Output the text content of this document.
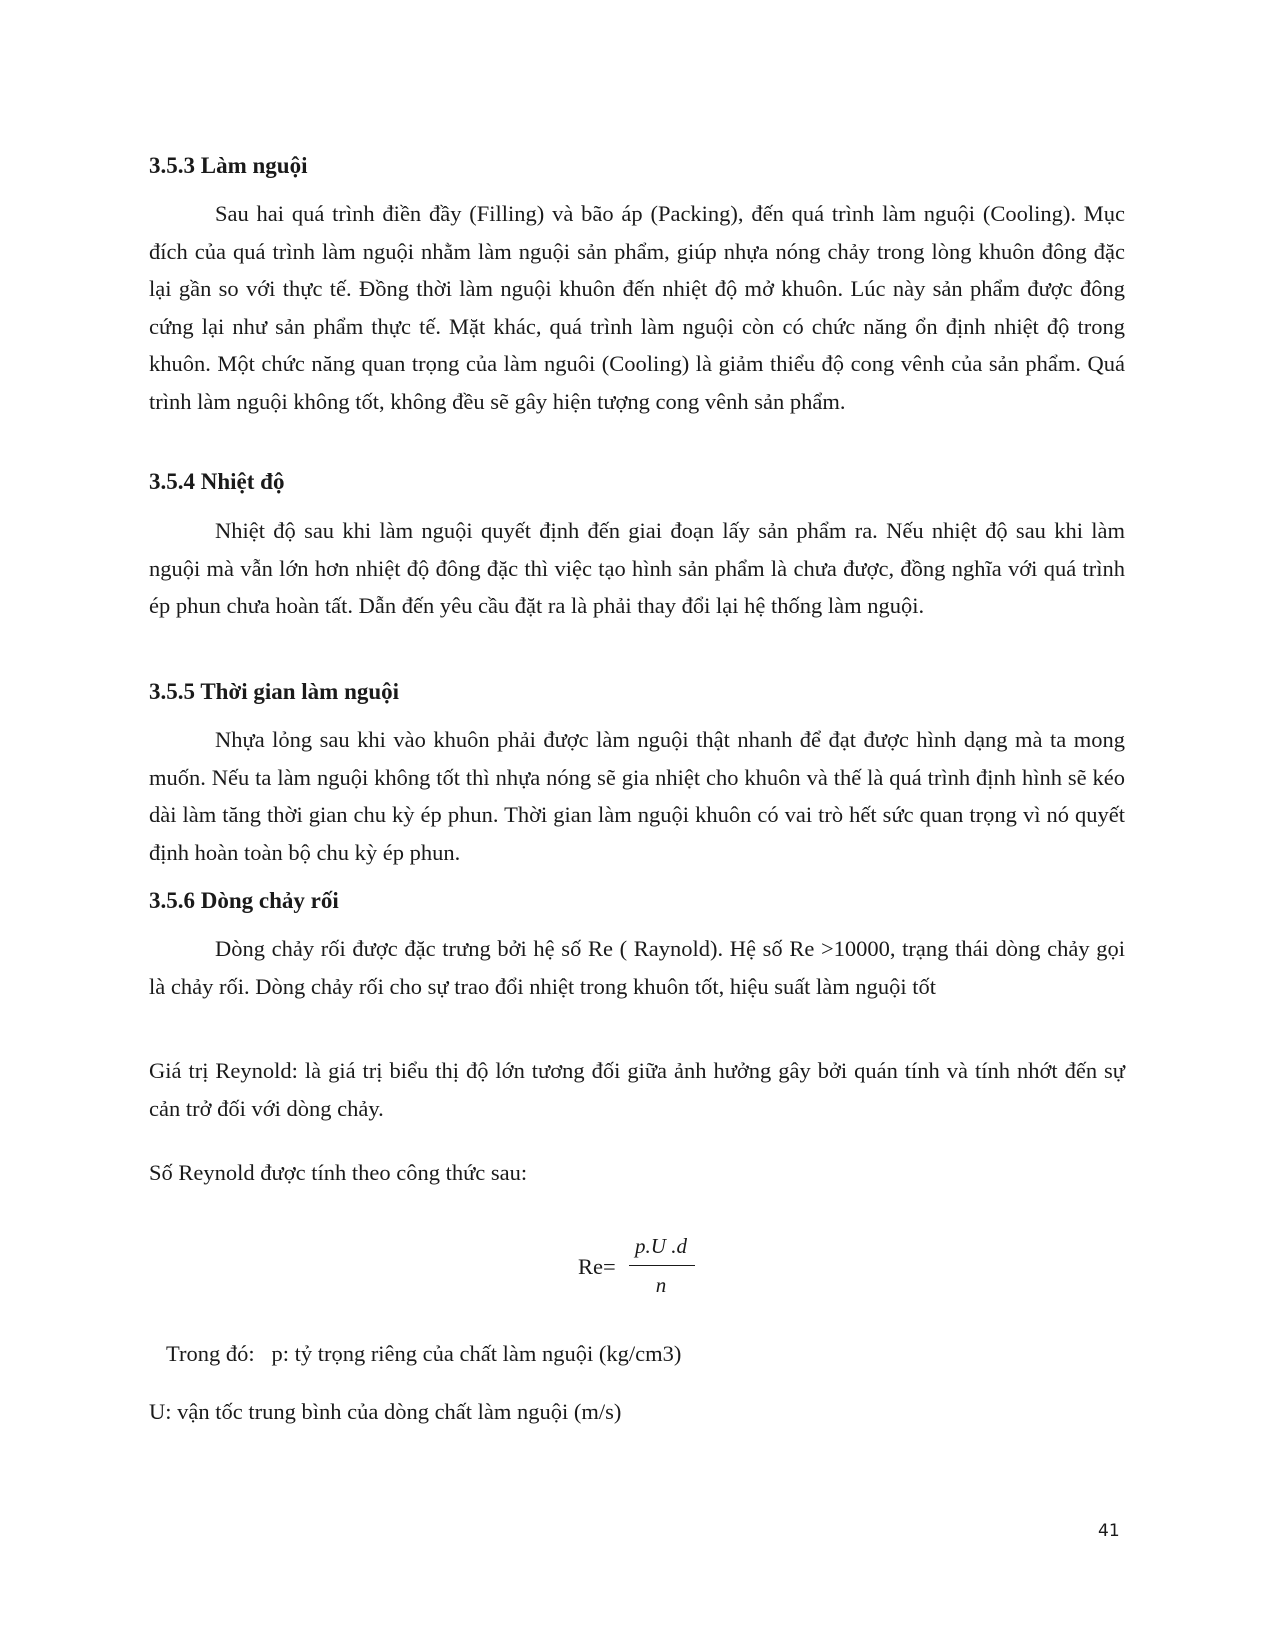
3.5.3 Làm nguội

Sau hai quá trình điền đầy (Filling) và bão áp (Packing), đến quá trình làm nguội (Cooling). Mục đích của quá trình làm nguội nhằm làm nguội sản phẩm, giúp nhựa nóng chảy trong lòng khuôn đông đặc lại gần so với thực tế. Đồng thời làm nguội khuôn đến nhiệt độ mở khuôn. Lúc này sản phẩm được đông cứng lại như sản phẩm thực tế. Mặt khác, quá trình làm nguội còn có chức năng ổn định nhiệt độ trong khuôn. Một chức năng quan trọng của làm nguôi (Cooling) là giảm thiểu độ cong vênh của sản phẩm. Quá trình làm nguội không tốt, không đều sẽ gây hiện tượng cong vênh sản phẩm.

3.5.4 Nhiệt độ

Nhiệt độ sau khi làm nguội quyết định đến giai đoạn lấy sản phẩm ra. Nếu nhiệt độ sau khi làm nguội mà vẫn lớn hơn nhiệt độ đông đặc thì việc tạo hình sản phẩm là chưa được, đồng nghĩa với quá trình ép phun chưa hoàn tất. Dẫn đến yêu cầu đặt ra là phải thay đổi lại hệ thống làm nguội.

3.5.5 Thời gian làm nguội

Nhựa lỏng sau khi vào khuôn phải được làm nguội thật nhanh để đạt được hình dạng mà ta mong muốn. Nếu ta làm nguội không tốt thì nhựa nóng sẽ gia nhiệt cho khuôn và thế là quá trình định hình sẽ kéo dài làm tăng thời gian chu kỳ ép phun. Thời gian làm nguội khuôn có vai trò hết sức quan trọng vì nó quyết định hoàn toàn bộ chu kỳ ép phun.

3.5.6 Dòng chảy rối

Dòng chảy rối được đặc trưng bởi hệ số Re ( Raynold). Hệ số Re >10000, trạng thái dòng chảy gọi là chảy rối. Dòng chảy rối cho sự trao đổi nhiệt trong khuôn tốt, hiệu suất làm nguội tốt

Giá trị Reynold: là giá trị biểu thị độ lớn tương đối giữa ảnh hưởng gây bởi quán tính và tính nhớt đến sự cản trở đối với dòng chảy.

Số Reynold được tính theo công thức sau:

Re=
p.U .d
n

Trong đó:   p: tỷ trọng riêng của chất làm nguội (kg/cm3)

U: vận tốc trung bình của dòng chất làm nguội (m/s)

41
